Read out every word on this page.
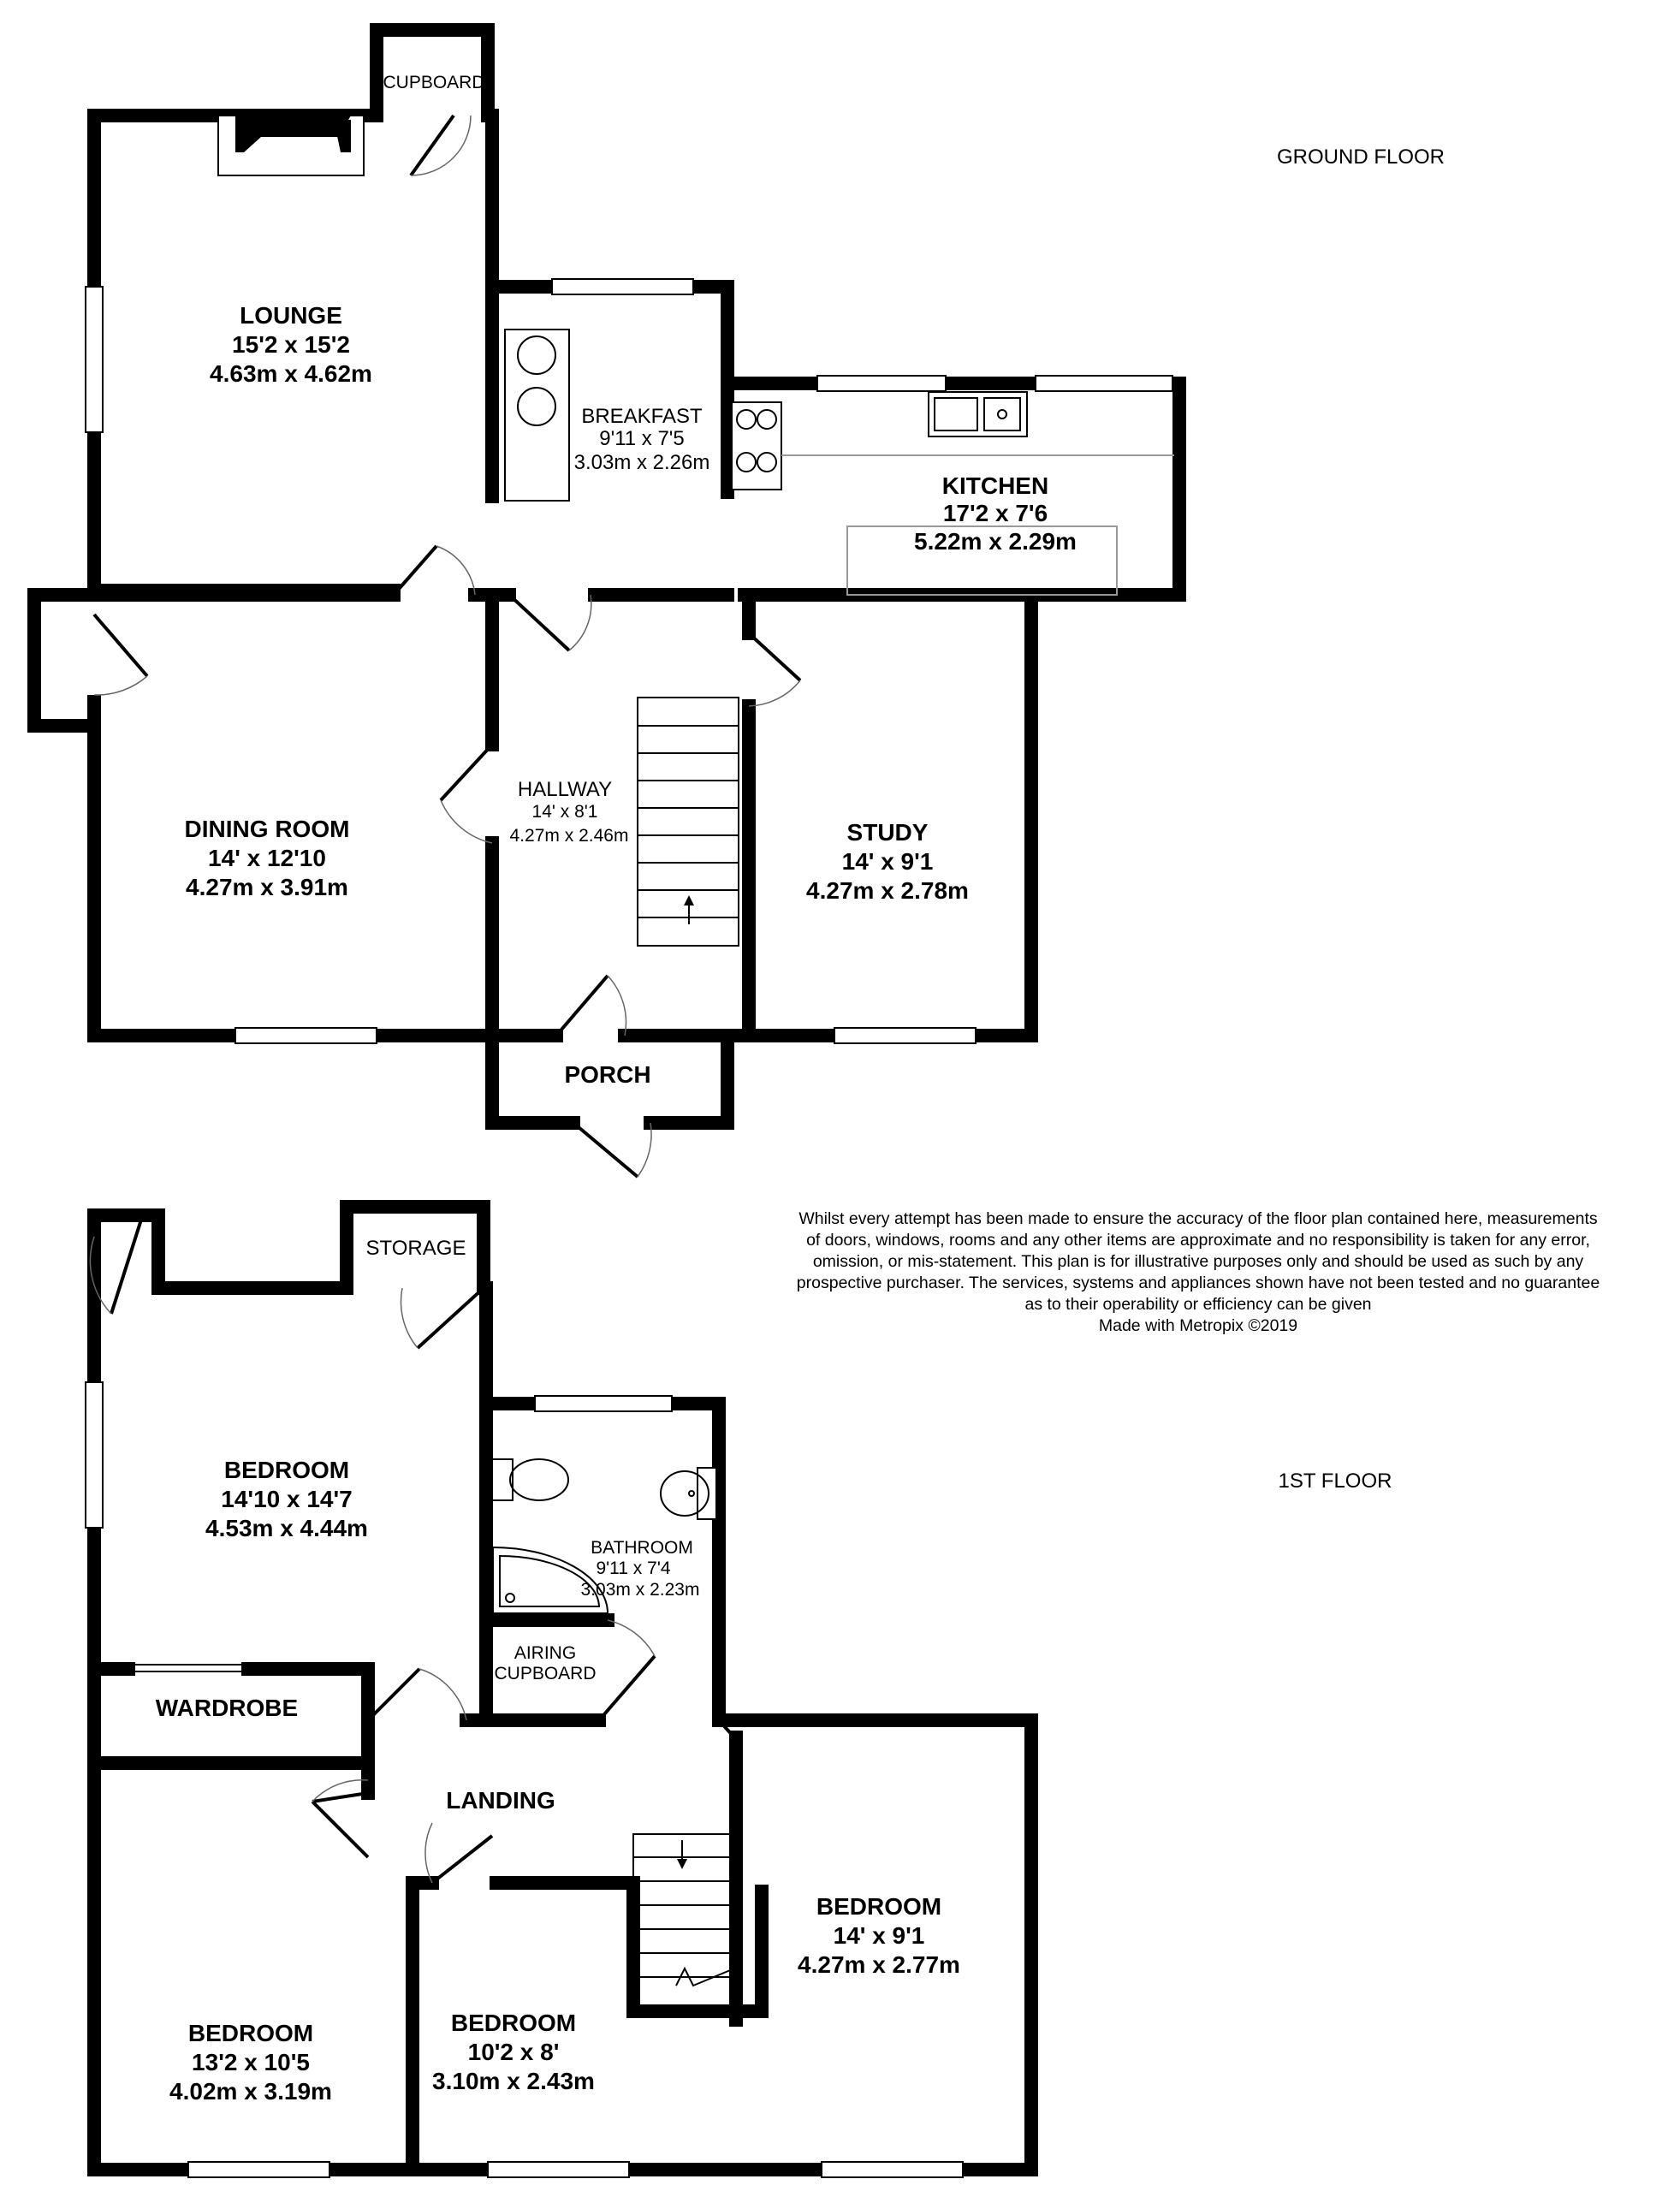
CUPBOARD
LOUNGE
15'2 x 15'2
4.63m x 4.62m
BREAKFAST
9'11 x 7'5
3.03m x 2.26m
KITCHEN
17'2 x 7'6
5.22m x 2.29m
DINING ROOM
14' x 12'10
4.27m x 3.91m
HALLWAY
14' x 8'1
4.27m x 2.46m	STUDY
14' x 9'1
4.27m x 2.78m
PORCH
STORAGE
BEDROOM
14'10 x 14'7
4.53m x 4.44m
BATHROOM
9'11 x 7'4
3.03m x 2.23m
AIRING
CUPBOARD
WARDROBE
LANDING
BEDROOM
13'2 x 10'5
4.02m x 3.19m
BEDROOM
10'2 x 8'
3.10m x 2.43m
BEDROOM
14' x 9'1
4.27m x 2.77m
GROUND FLOOR
1ST FLOOR
Whilst every attempt has been made to ensure the accuracy of the floor plan contained here, measurements
of doors, windows, rooms and any other items are approximate and no responsibility is taken for any error,
omission, or mis-statement. This plan is for illustrative purposes only and should be used as such by any
prospective purchaser. The services, systems and appliances shown have not been tested and no guarantee
as to their operability or efficiency can be given
Made with Metropix ©2019
